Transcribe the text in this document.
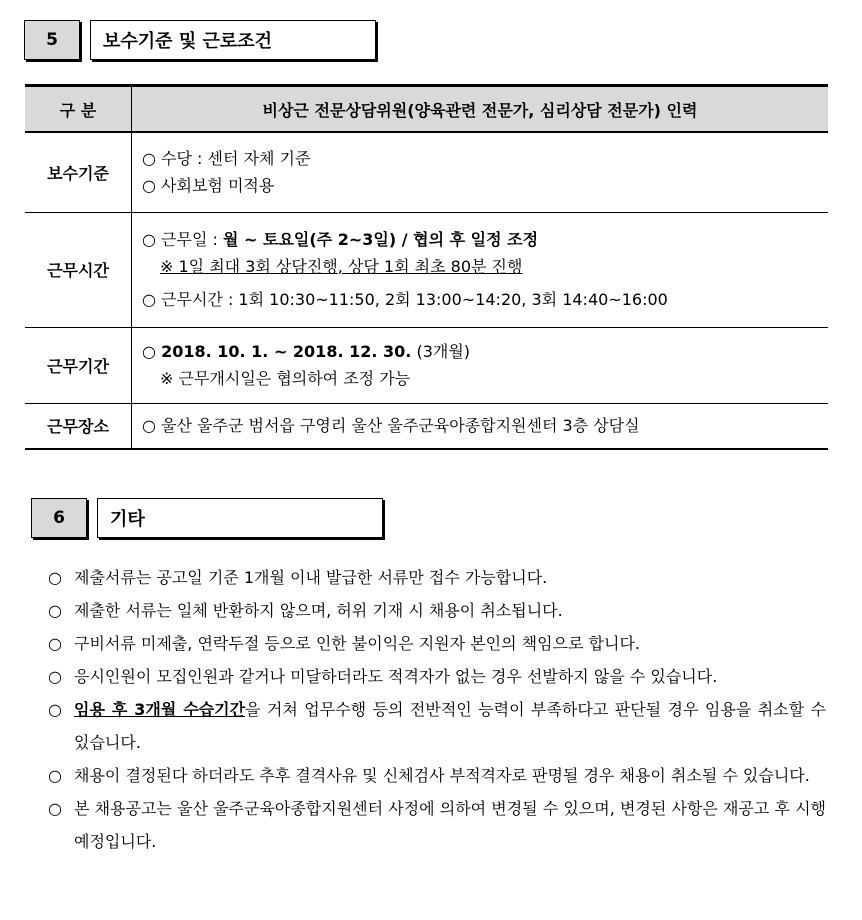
5	보수기준 및 근로조건
구 분	비상근 전문상담위원(양육관련 전문가, 심리상담 전문가) 인력
보수기준	○ 수당 : 센터 자체 기준
○ 사회보험 미적용

근무시간	○ 근무일 : 월 ~ 토요일(주 2~3일) / 협의 후 일정 조정
※ 1일 최대 3회 상담진행, 상담 1회 최초 80분 진행
○ 근무시간 : 1회 10:30~11:50, 2회 13:00~14:20, 3회 14:40~16:00

근무기간	○ 2018. 10. 1. ~ 2018. 12. 30. (3개월)
※ 근무개시일은 협의하여 조정 가능

근무장소	○ 울산 울주군 범서읍 구영리 울산 울주군육아종합지원센터 3층 상담실
6	기타
○ 제출서류는 공고일 기준 1개월 이내 발급한 서류만 접수 가능합니다.
○ 제출한 서류는 일체 반환하지 않으며, 허위 기재 시 채용이 취소됩니다.
○ 구비서류 미제출, 연락두절 등으로 인한 불이익은 지원자 본인의 책임으로 합니다.
○ 응시인원이 모집인원과 같거나 미달하더라도 적격자가 없는 경우 선발하지 않을 수 있습니다.
○ 임용 후 3개월 수습기간을 거쳐 업무수행 등의 전반적인 능력이 부족하다고 판단될 경우 임용을 취소할 수 있습니다.
○ 채용이 결정된다 하더라도 추후 결격사유 및 신체검사 부적격자로 판명될 경우 채용이 취소될 수 있습니다.
○ 본 채용공고는 울산 울주군육아종합지원센터 사정에 의하여 변경될 수 있으며, 변경된 사항은 재공고 후 시행 예정입니다.
